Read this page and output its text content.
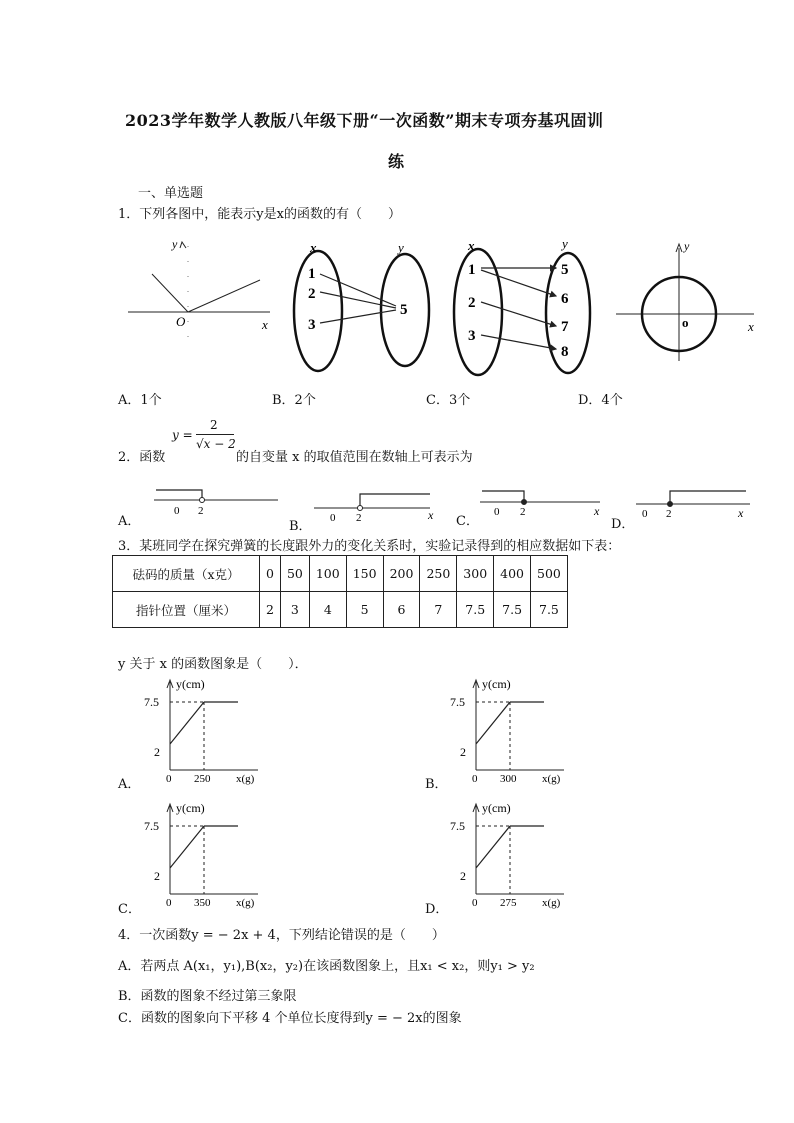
2023学年数学人教版八年级下册“一次函数”期末专项夯基巩固训
练
一、单选题
1．下列各图中，能表示y是x的函数的有（　　）
y
x
O
x	y
1
2
3
5
x	y
1
2
3
5
6
7
8
y
x
o
A．1个	B．2个	C．3个	D．4个
2．函数
y =
2
√x − 2
的自变量 x 的取值范围在数轴上可表示为
A．
0 2
B．
0 2	x C．
0 2	x
D．
0 2	x
3．某班同学在探究弹簧的长度跟外力的变化关系时，实验记录得到的相应数据如下表：
砝码的质量（x克）	0	50	100	150	200	250	300	400	500
指针位置（厘米）	2	3	4	5	6	7	7.5	7.5	7.5
y 关于 x 的函数图象是（　　）．
A．
y(cm)
7.5
2
0 250 x(g)	B．
y(cm)
7.5
2
0 300 x(g)
C．
y(cm)
7.5
2
0 350 x(g)	D．
y(cm)
7.5
2
0 275 x(g)
4．一次函数y = − 2x + 4，下列结论错误的是（　　）
A．若两点 A(x₁，y₁),B(x₂，y₂)在该函数图象上，且x₁ < x₂，则y₁ > y₂
B．函数的图象不经过第三象限
C．函数的图象向下平移 4 个单位长度得到y = − 2x的图象
